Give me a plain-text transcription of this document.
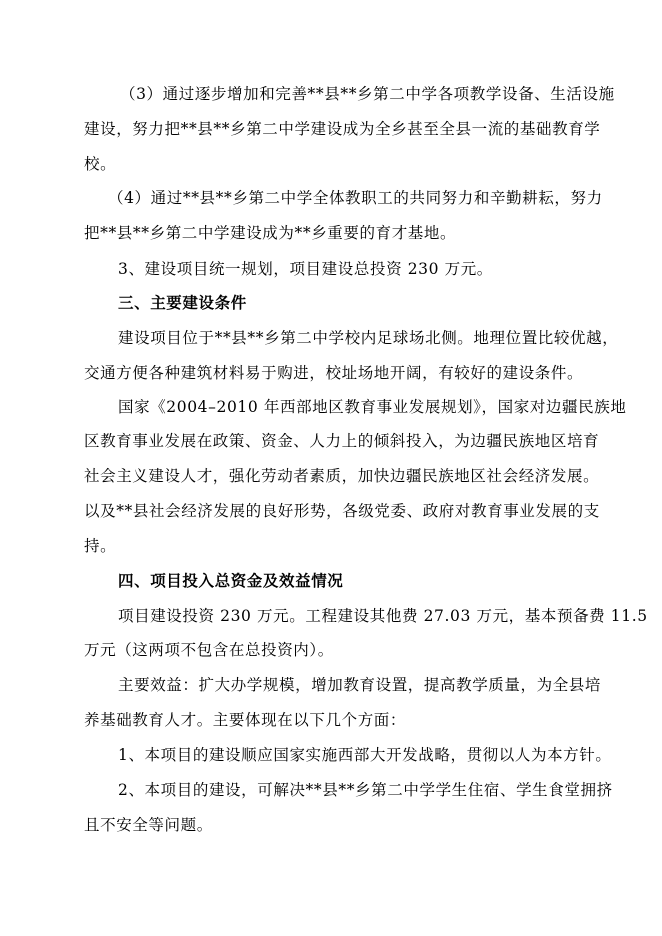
（3）通过逐步增加和完善**县**乡第二中学各项教学设备、生活设施
建设，努力把**县**乡第二中学建设成为全乡甚至全县一流的基础教育学
校。
（4）通过**县**乡第二中学全体教职工的共同努力和辛勤耕耘，努力
把**县**乡第二中学建设成为**乡重要的育才基地。
3、建设项目统一规划，项目建设总投资 230 万元。
三、主要建设条件
建设项目位于**县**乡第二中学校内足球场北侧。地理位置比较优越，
交通方便各种建筑材料易于购进，校址场地开阔，有较好的建设条件。
国家《2004–2010 年西部地区教育事业发展规划》，国家对边疆民族地
区教育事业发展在政策、资金、人力上的倾斜投入，为边疆民族地区培育
社会主义建设人才，强化劳动者素质，加快边疆民族地区社会经济发展。
以及**县社会经济发展的良好形势，各级党委、政府对教育事业发展的支
持。
四、项目投入总资金及效益情况
项目建设投资 230 万元。工程建设其他费 27.03 万元，基本预备费 11.5
万元（这两项不包含在总投资内）。
主要效益：扩大办学规模，增加教育设置，提高教学质量，为全县培
养基础教育人才。主要体现在以下几个方面：
1、本项目的建设顺应国家实施西部大开发战略，贯彻以人为本方针。
2、本项目的建设，可解决**县**乡第二中学学生住宿、学生食堂拥挤
且不安全等问题。
